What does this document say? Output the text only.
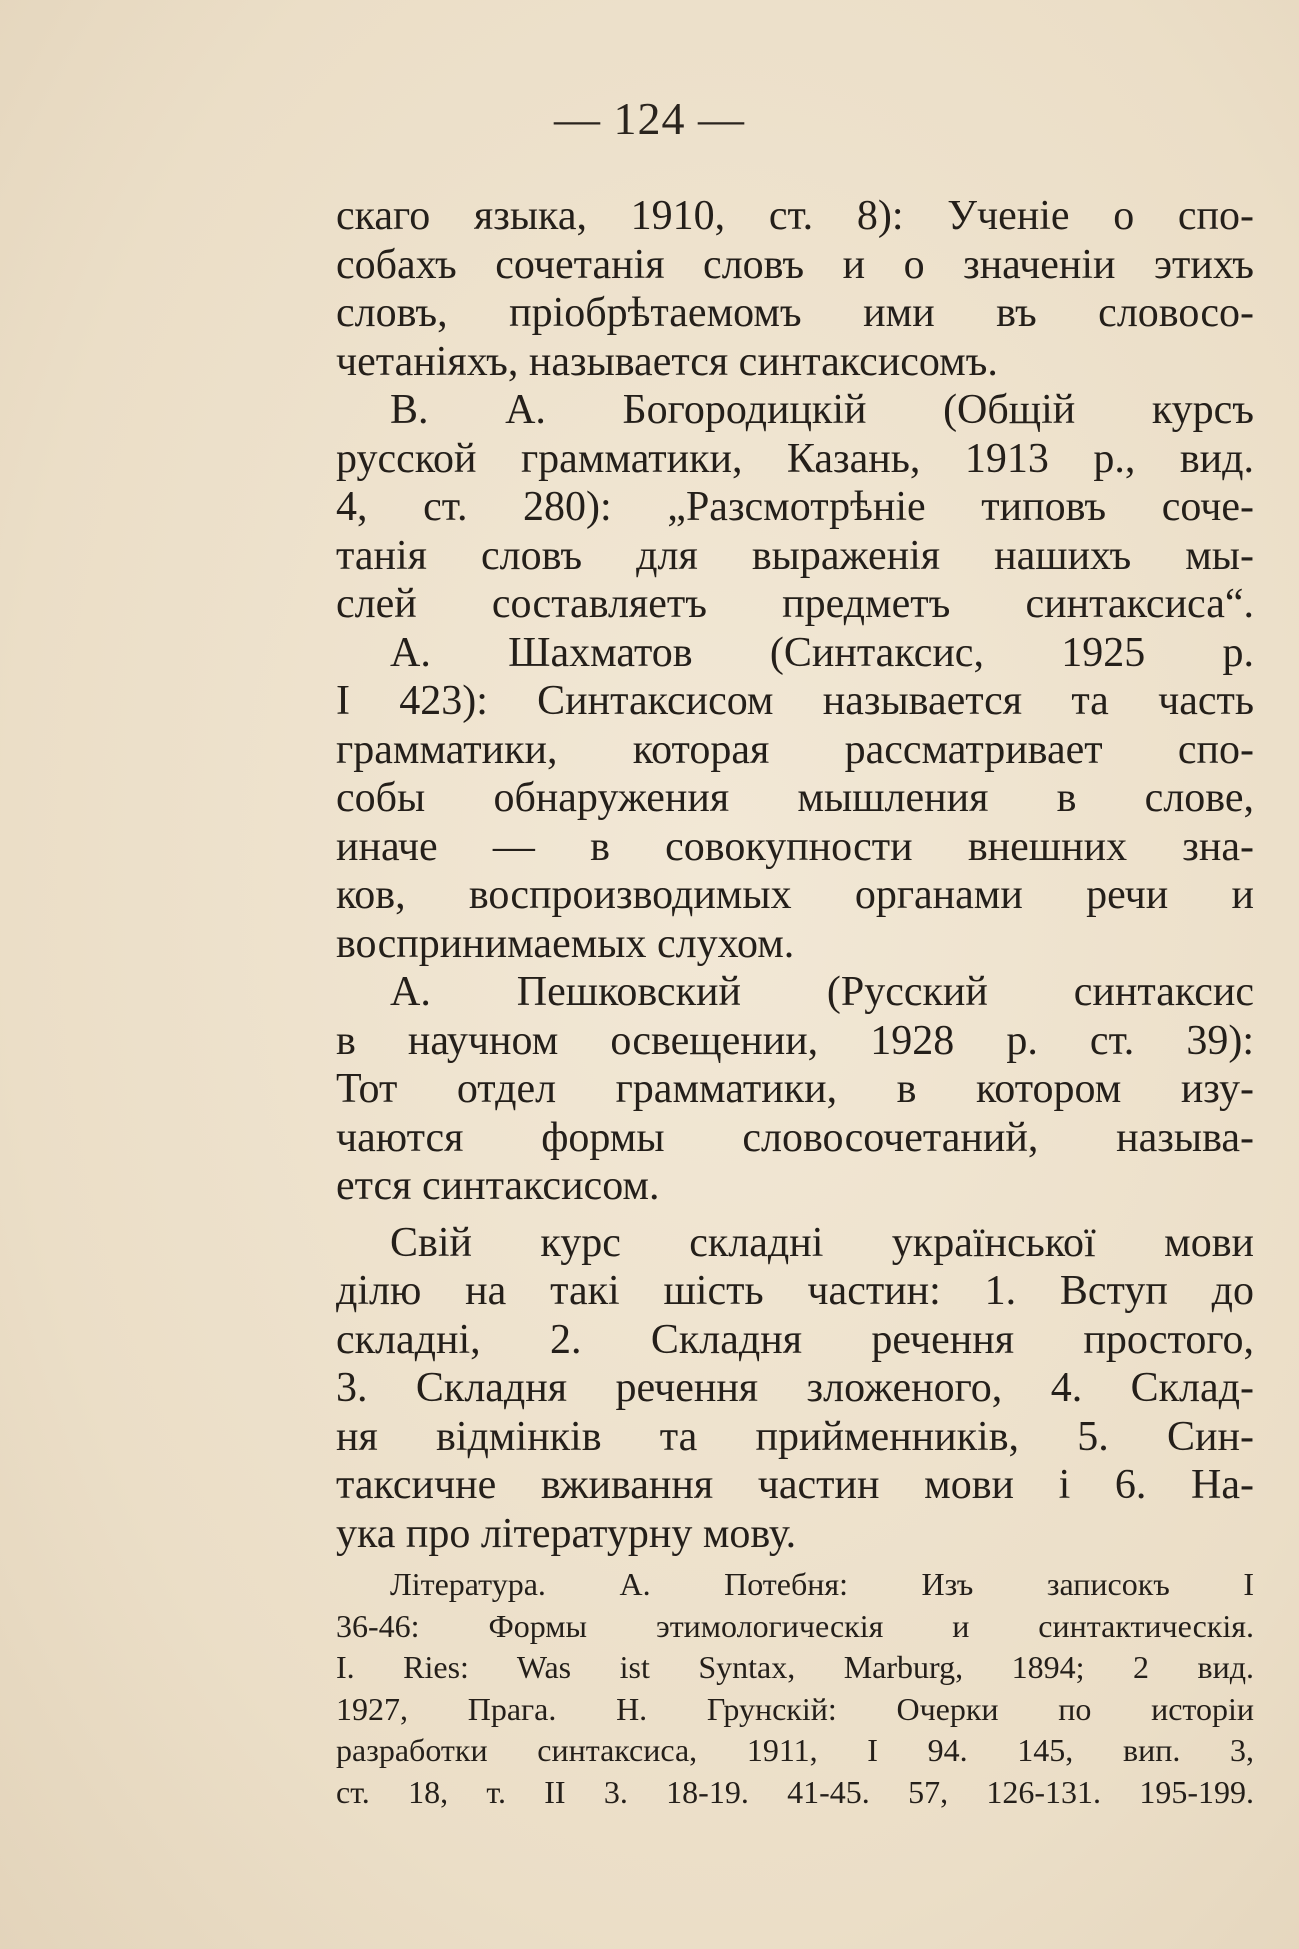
— 124 —
скаго языка, 1910, ст. 8): Ученіе о спо-
собахъ сочетанія словъ и о значеніи этихъ
словъ, пріобрѣтаемомъ ими въ словосо-
четаніяхъ, называется синтаксисомъ.
В. А. Богородицкій (Общій курсъ
русской грамматики, Казань, 1913 р., вид.
4, ст. 280): „Разсмотрѣніе типовъ соче-
танія словъ для выраженія нашихъ мы-
слей составляетъ предметъ синтаксиса“.
А. Шахматов (Синтаксис, 1925 р.
I 423): Синтаксисом называется та часть
грамматики, которая рассматривает спо-
собы обнаружения мышления в слове,
иначе — в совокупности внешних зна-
ков, воспроизводимых органами речи и
воспринимаемых слухом.
А. Пешковский (Русский синтаксис
в научном освещении, 1928 р. ст. 39):
Тот отдел грамматики, в котором изу-
чаются формы словосочетаний, называ-
ется синтаксисом.
Свій курс складні української мови
ділю на такі шість частин: 1. Вступ до
складні, 2. Складня речення простого,
3. Складня речення зложеного, 4. Склад-
ня відмінків та прийменників, 5. Син-
таксичне вживання частин мови і 6. На-
ука про літературну мову.
Література. А. Потебня: Изъ записокъ I
36-46: Формы этимологическія и синтактическія.
I. Ries: Was ist Syntax, Marburg, 1894; 2 вид.
1927, Прага. Н. Грунскій: Очерки по исторіи
разработки синтаксиса, 1911, I 94. 145, вип. 3,
ст. 18, т. II 3. 18-19. 41-45. 57, 126-131. 195-199.
